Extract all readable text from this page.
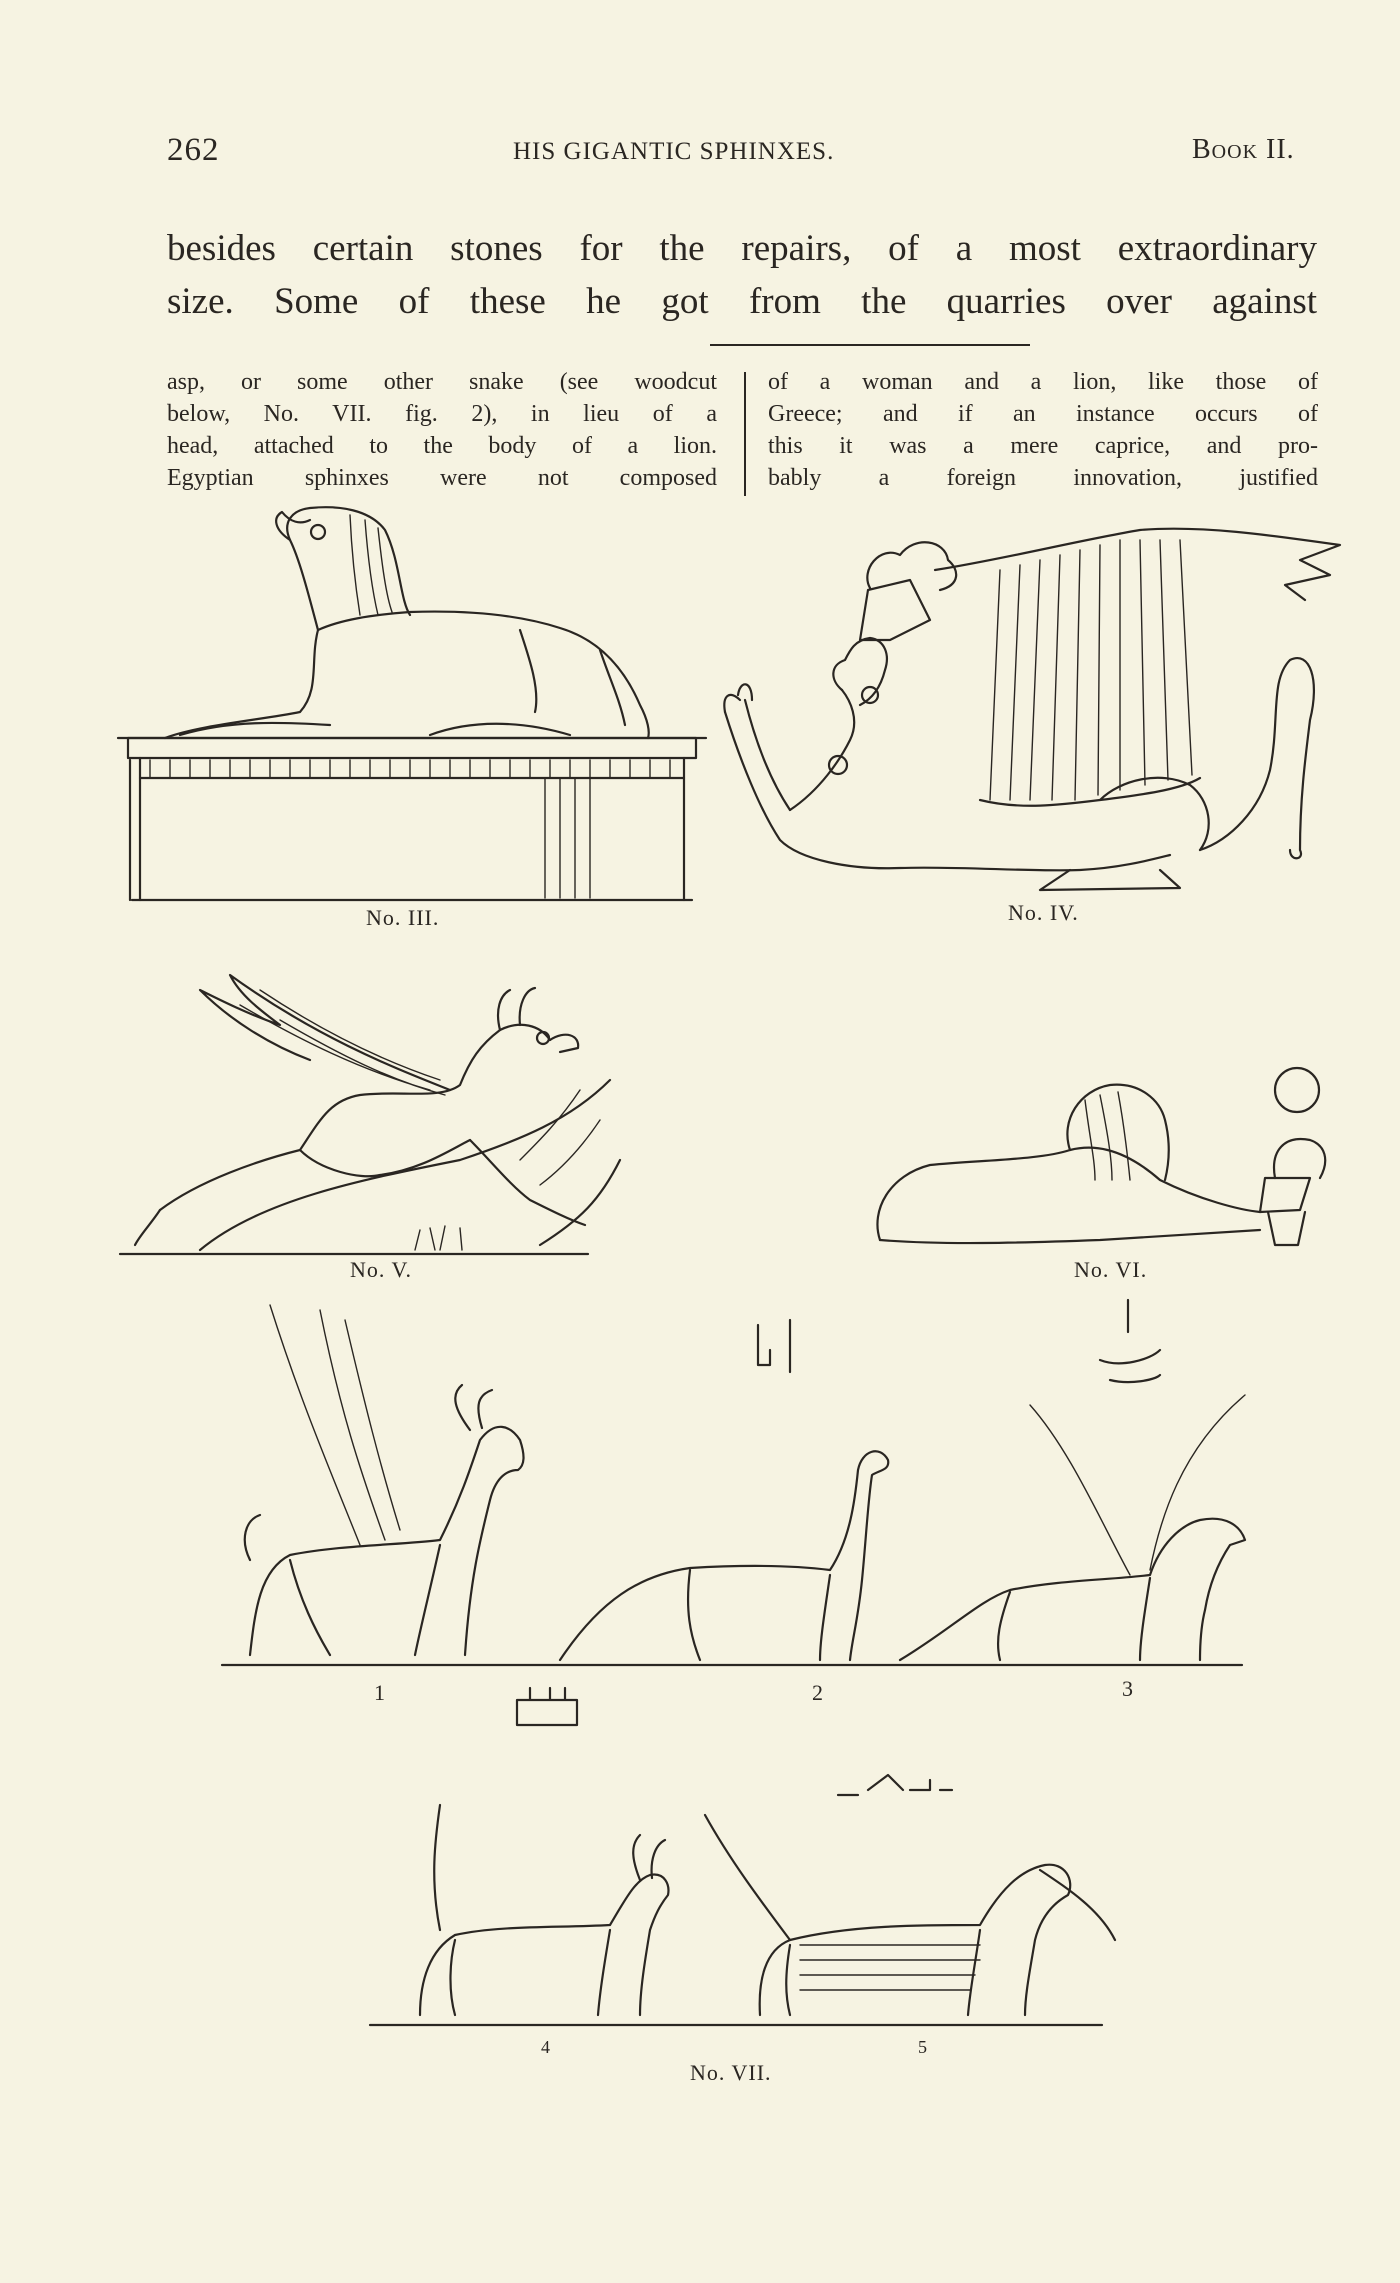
262	HIS GIGANTIC SPHINXES.	Book II.
besides certain stones for the repairs, of a most extraordinary
size. Some of these he got from the quarries over against
asp, or some other snake (see woodcut
below, No. VII. fig. 2), in lieu of a
head, attached to the body of a lion.
Egyptian sphinxes were not composed
of a woman and a lion, like those of
Greece; and if an instance occurs of
this it was a mere caprice, and pro-
bably a foreign innovation, justified
No. III.	No. IV.
No. V.	No. VI.
No. VII.
1	2	3
4	5
